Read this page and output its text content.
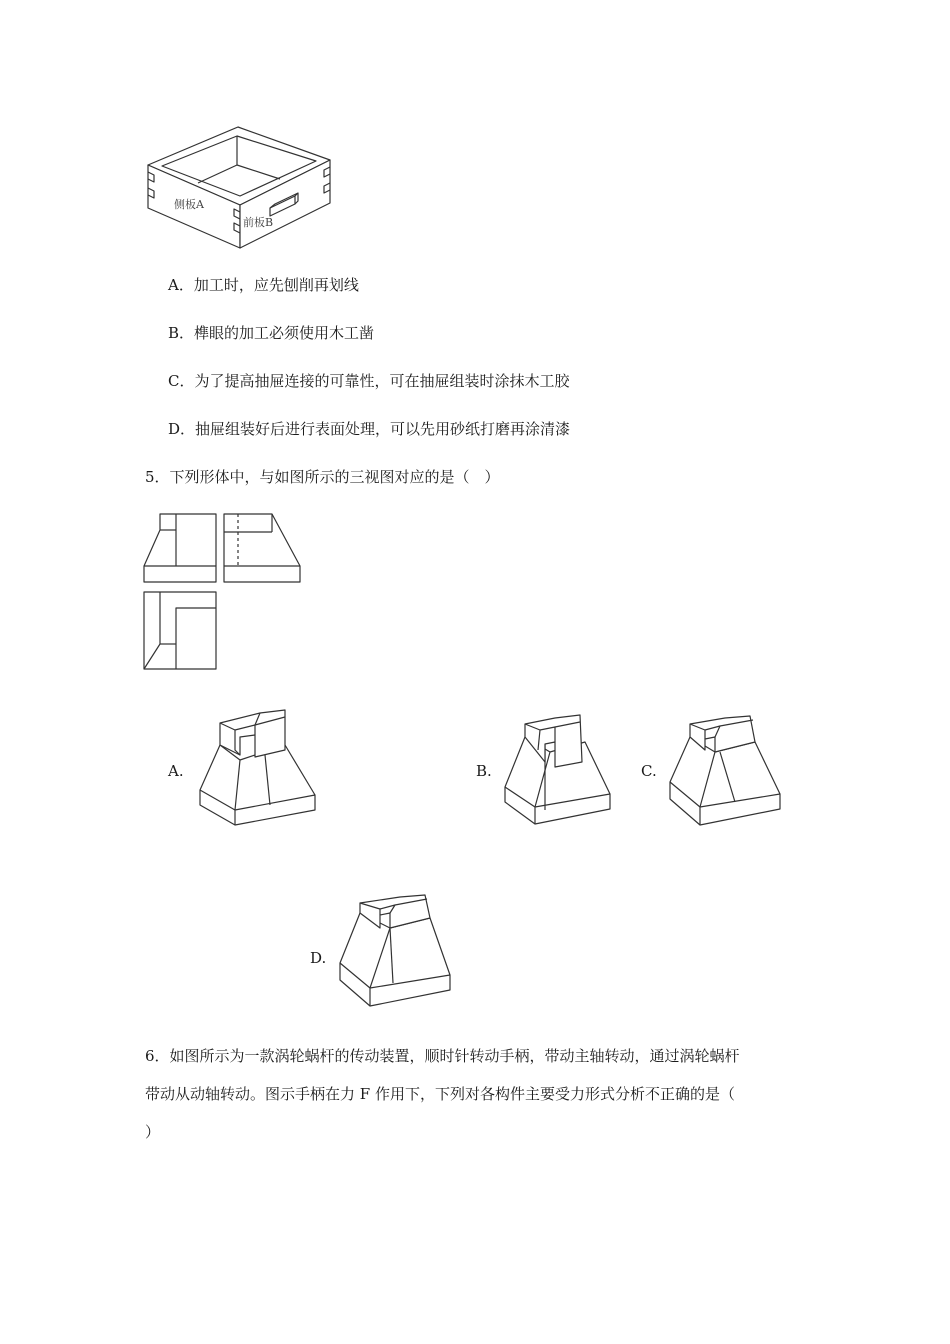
侧板A
前板B
A．加工时，应先刨削再划线
B．榫眼的加工必须使用木工凿
C．为了提高抽屉连接的可靠性，可在抽屉组装时涂抹木工胶
D．抽屉组装好后进行表面处理，可以先用砂纸打磨再涂清漆
5．下列形体中，与如图所示的三视图对应的是（　）
A.	B.	C.
D.
6．如图所示为一款涡轮蜗杆的传动装置，顺时针转动手柄，带动主轴转动，通过涡轮蜗杆
带动从动轴转动。图示手柄在力 F 作用下，下列对各构件主要受力形式分析不正确的是（
）
